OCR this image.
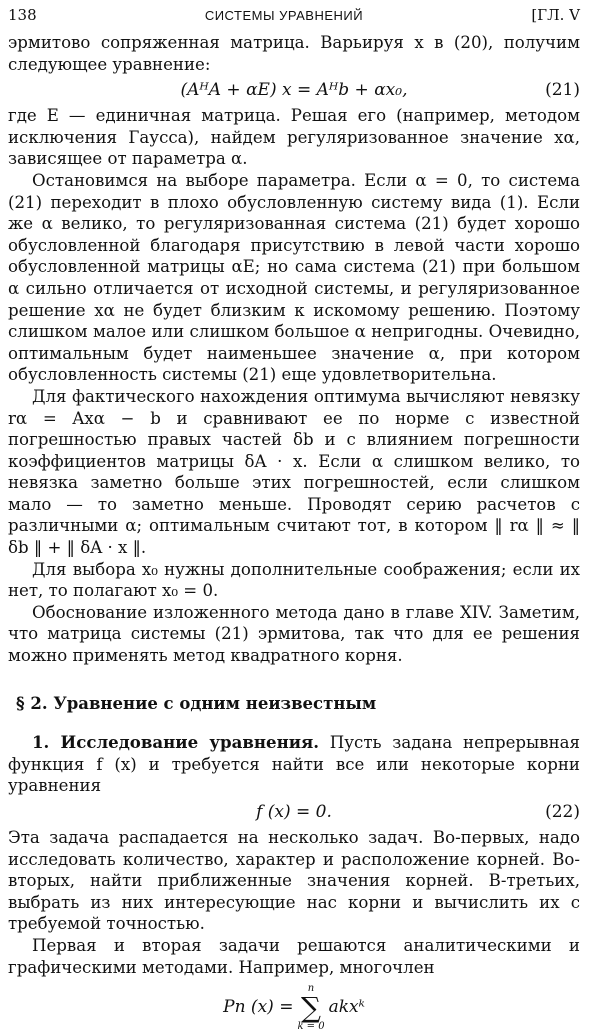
138	СИСТЕМЫ УРАВНЕНИЙ	[ГЛ. V

эрмитово сопряженная матрица. Варьируя x в (20), получим следующее уравнение:

(AᴴA + αE) x = Aᴴb + αx₀,	(21)

где E — единичная матрица. Решая его (например, методом исключения Гаусса), найдем регуляризованное значение xα, зависящее от параметра α.

Остановимся на выборе параметра. Если α = 0, то система (21) переходит в плохо обусловленную систему вида (1). Если же α велико, то регуляризованная система (21) будет хорошо обусловленной благодаря присутствию в левой части хорошо обусловленной матрицы αE; но сама система (21) при большом α сильно отличается от исходной системы, и регуляризованное решение xα не будет близким к искомому решению. Поэтому слишком малое или слишком большое α непригодны. Очевидно, оптимальным будет наименьшее значение α, при котором обусловленность системы (21) еще удовлетворительна.

Для фактического нахождения оптимума вычисляют невязку rα = Axα − b и сравнивают ее по норме с известной погрешностью правых частей δb и с влиянием погрешности коэффициентов матрицы δA · x. Если α слишком велико, то невязка заметно больше этих погрешностей, если слишком мало — то заметно меньше. Проводят серию расчетов с различными α; оптимальным считают тот, в котором ‖ rα ‖ ≈ ‖ δb ‖ + ‖ δA · x ‖.

Для выбора x₀ нужны дополнительные соображения; если их нет, то полагают x₀ = 0.

Обоснование изложенного метода дано в главе XIV. Заметим, что матрица системы (21) эрмитова, так что для ее решения можно применять метод квадратного корня.

§ 2. Уравнение с одним неизвестным

1. Исследование уравнения. Пусть задана непрерывная функция f (x) и требуется найти все или некоторые корни уравнения

f (x) = 0.	(22)

Эта задача распадается на несколько задач. Во-первых, надо исследовать количество, характер и расположение корней. Во-вторых, найти приближенные значения корней. В-третьих, выбрать из них интересующие нас корни и вычислить их с требуемой точностью.

Первая и вторая задачи решаются аналитическими и графическими методами. Например, многочлен

Pn (x) =
n
∑
k = 0
akxᵏ
